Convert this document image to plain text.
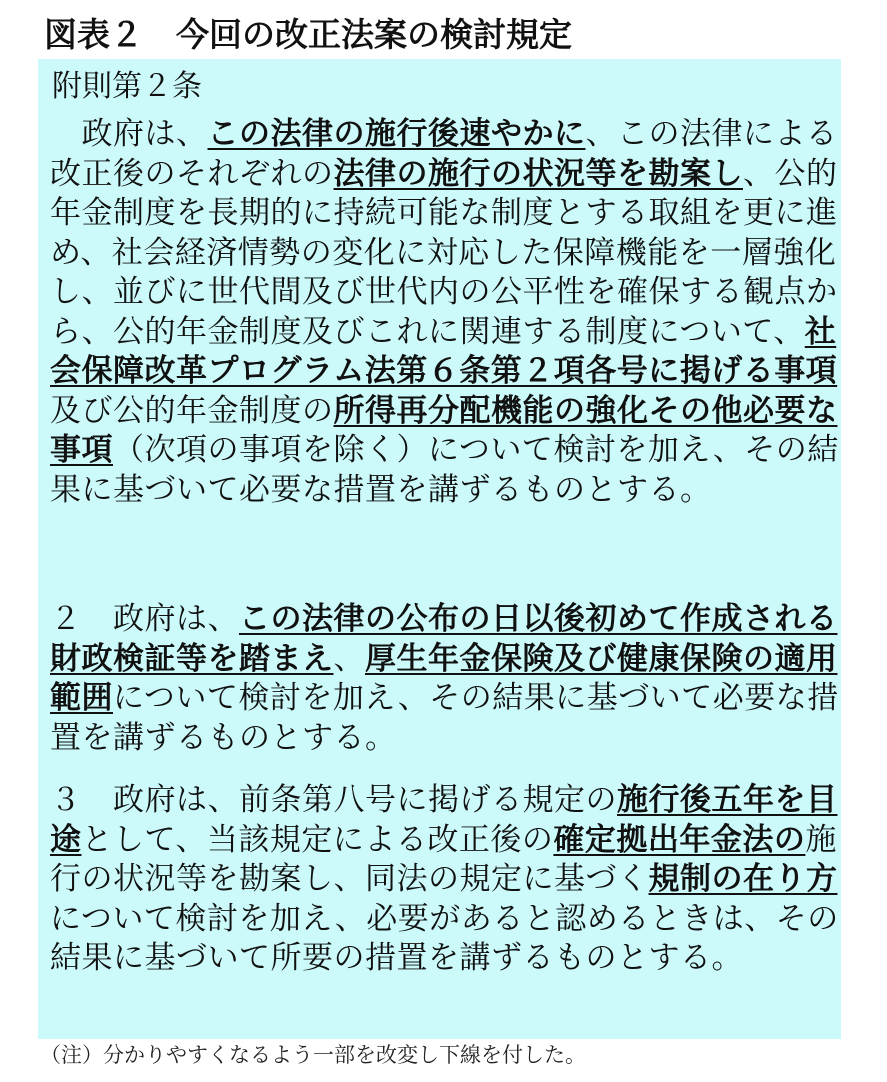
図表２　今回の改正法案の検討規定
附則第２条

　政府は、この法律の施行後速やかに、この法律による改正後のそれぞれの法律の施行の状況等を勘案し、公的年金制度を長期的に持続可能な制度とする取組を更に進め、社会経済情勢の変化に対応した保障機能を一層強化し、並びに世代間及び世代内の公平性を確保する観点から、公的年金制度及びこれに関連する制度について、社会保障改革プログラム法第６条第２項各号に掲げる事項及び公的年金制度の所得再分配機能の強化その他必要な事項（次項の事項を除く）について検討を加え、その結果に基づいて必要な措置を講ずるものとする。

２　政府は、この法律の公布の日以後初めて作成される財政検証等を踏まえ、厚生年金保険及び健康保険の適用範囲について検討を加え、その結果に基づいて必要な措置を講ずるものとする。

３　政府は、前条第八号に掲げる規定の施行後五年を目途として、当該規定による改正後の確定拠出年金法の施行の状況等を勘案し、同法の規定に基づく規制の在り方について検討を加え、必要があると認めるときは、その結果に基づいて所要の措置を講ずるものとする。

（注）分かりやすくなるよう一部を改変し下線を付した。
